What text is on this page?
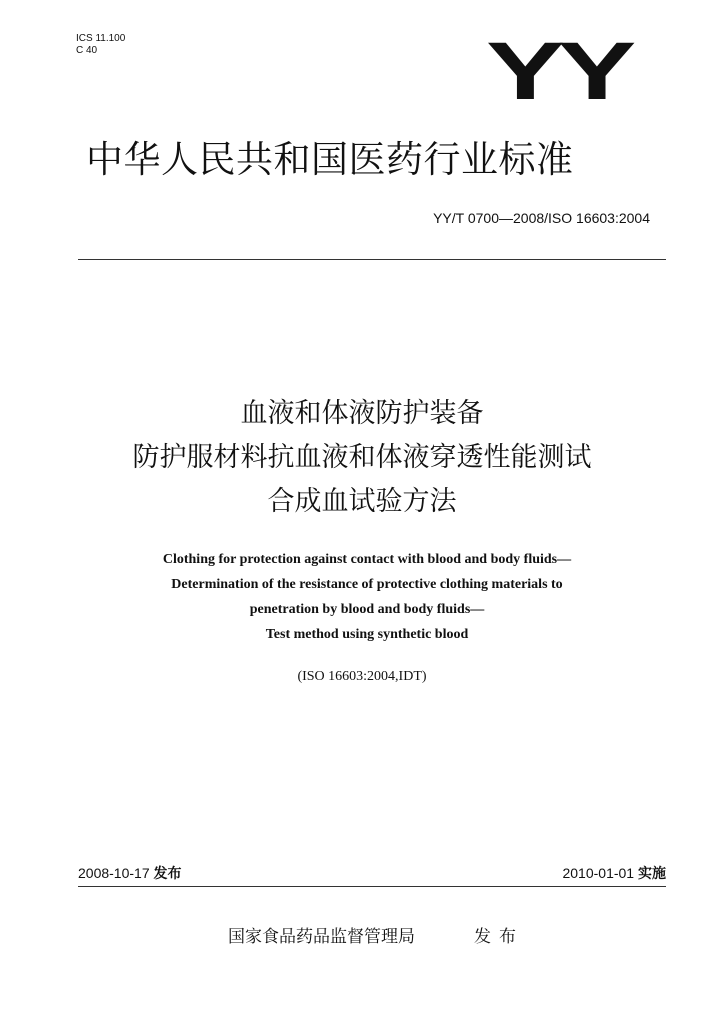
ICS 11.100
C 40	YY
中华人民共和国医药行业标准
YY/T 0700—2008/ISO 16603:2004
血液和体液防护装备
防护服材料抗血液和体液穿透性能测试
合成血试验方法
Clothing for protection against contact with blood and body fluids—
Determination of the resistance of protective clothing materials to
penetration by blood and body fluids—
Test method using synthetic blood
(ISO 16603:2004,IDT)
2008-10-17 发布	2010-01-01 实施
国家食品药品监督管理局	发布
